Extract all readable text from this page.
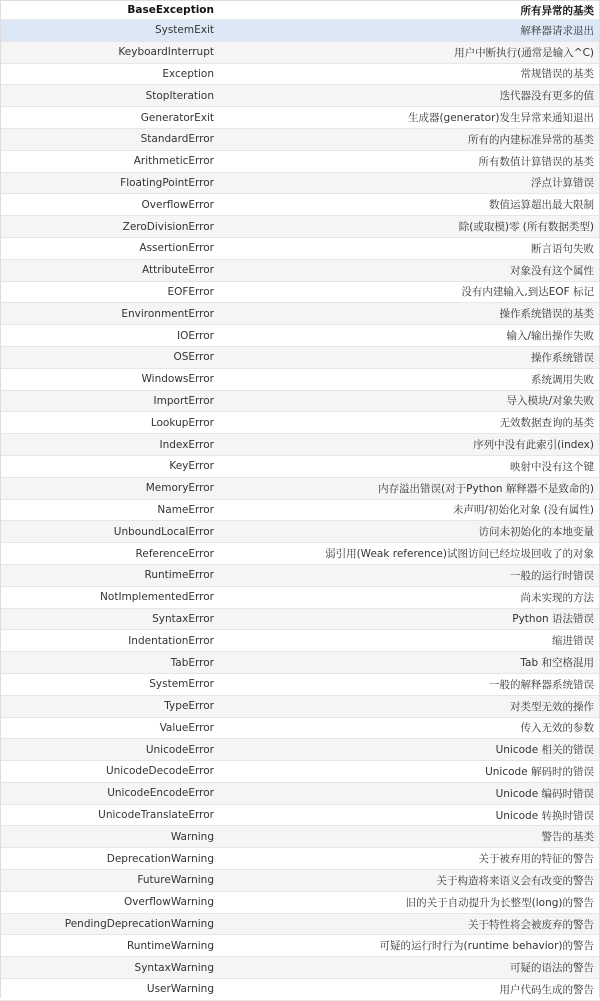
BaseException	所有异常的基类
SystemExit	解释器请求退出
KeyboardInterrupt	用户中断执行(通常是输入^C)
Exception	常规错误的基类
StopIteration	迭代器没有更多的值
GeneratorExit	生成器(generator)发生异常来通知退出
StandardError	所有的内建标准异常的基类
ArithmeticError	所有数值计算错误的基类
FloatingPointError	浮点计算错误
OverflowError	数值运算超出最大限制
ZeroDivisionError	除(或取模)零 (所有数据类型)
AssertionError	断言语句失败
AttributeError	对象没有这个属性
EOFError	没有内建输入,到达EOF 标记
EnvironmentError	操作系统错误的基类
IOError	输入/输出操作失败
OSError	操作系统错误
WindowsError	系统调用失败
ImportError	导入模块/对象失败
LookupError	无效数据查询的基类
IndexError	序列中没有此索引(index)
KeyError	映射中没有这个键
MemoryError	内存溢出错误(对于Python 解释器不是致命的)
NameError	未声明/初始化对象 (没有属性)
UnboundLocalError	访问未初始化的本地变量
ReferenceError	弱引用(Weak reference)试图访问已经垃圾回收了的对象
RuntimeError	一般的运行时错误
NotImplementedError	尚未实现的方法
SyntaxError	Python 语法错误
IndentationError	缩进错误
TabError	Tab 和空格混用
SystemError	一般的解释器系统错误
TypeError	对类型无效的操作
ValueError	传入无效的参数
UnicodeError	Unicode 相关的错误
UnicodeDecodeError	Unicode 解码时的错误
UnicodeEncodeError	Unicode 编码时错误
UnicodeTranslateError	Unicode 转换时错误
Warning	警告的基类
DeprecationWarning	关于被弃用的特征的警告
FutureWarning	关于构造将来语义会有改变的警告
OverflowWarning	旧的关于自动提升为长整型(long)的警告
PendingDeprecationWarning	关于特性将会被废弃的警告
RuntimeWarning	可疑的运行时行为(runtime behavior)的警告
SyntaxWarning	可疑的语法的警告
UserWarning	用户代码生成的警告
